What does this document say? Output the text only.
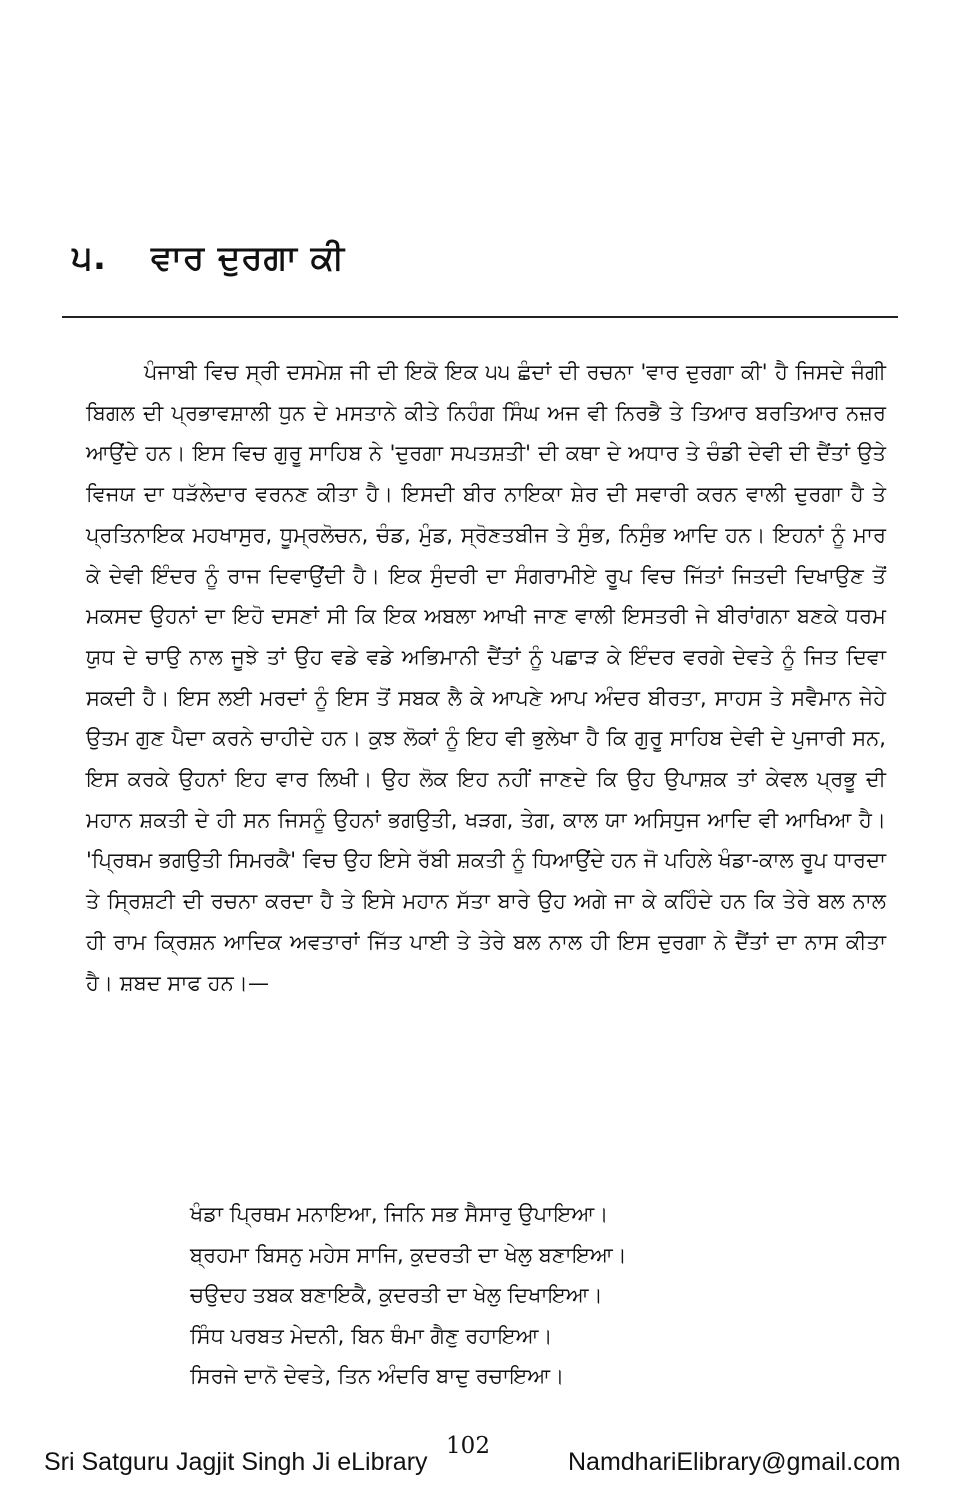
੫. ਵਾਰ ਦੁਰਗਾ ਕੀ

ਪੰਜਾਬੀ ਵਿਚ ਸ੍ਰੀ ਦਸਮੇਸ਼ ਜੀ ਦੀ ਇਕੋ ਇਕ ੫੫ ਛੰਦਾਂ ਦੀ ਰਚਨਾ 'ਵਾਰ ਦੁਰਗਾ ਕੀ' ਹੈ ਜਿਸਦੇ ਜੰਗੀ ਬਿਗਲ ਦੀ ਪ੍ਰਭਾਵਸ਼ਾਲੀ ਧੁਨ ਦੇ ਮਸਤਾਨੇ ਕੀਤੇ ਨਿਹੰਗ ਸਿੰਘ ਅਜ ਵੀ ਨਿਰਭੈ ਤੇ ਤਿਆਰ ਬਰਤਿਆਰ ਨਜ਼ਰ ਆਉਂਦੇ ਹਨ। ਇਸ ਵਿਚ ਗੁਰੂ ਸਾਹਿਬ ਨੇ 'ਦੁਰਗਾ ਸਪਤਸ਼ਤੀ' ਦੀ ਕਥਾ ਦੇ ਅਧਾਰ ਤੇ ਚੰਡੀ ਦੇਵੀ ਦੀ ਦੈਂਤਾਂ ਉਤੇ ਵਿਜਯ ਦਾ ਧੜੱਲੇਦਾਰ ਵਰਨਣ ਕੀਤਾ ਹੈ। ਇਸਦੀ ਬੀਰ ਨਾਇਕਾ ਸ਼ੇਰ ਦੀ ਸਵਾਰੀ ਕਰਨ ਵਾਲੀ ਦੁਰਗਾ ਹੈ ਤੇ ਪ੍ਰਤਿਨਾਇਕ ਮਹਖਾਸੁਰ, ਧੂਮ੍ਰਲੋਚਨ, ਚੰਡ, ਮੁੰਡ, ਸ੍ਰੋਣਤਬੀਜ ਤੇ ਸੁੰਭ, ਨਿਸੁੰਭ ਆਦਿ ਹਨ। ਇਹਨਾਂ ਨੂੰ ਮਾਰ ਕੇ ਦੇਵੀ ਇੰਦਰ ਨੂੰ ਰਾਜ ਦਿਵਾਉਂਦੀ ਹੈ। ਇਕ ਸੁੰਦਰੀ ਦਾ ਸੰਗਰਾਮੀਏ ਰੂਪ ਵਿਚ ਜਿੱਤਾਂ ਜਿਤਦੀ ਦਿਖਾਉਣ ਤੋਂ ਮਕਸਦ ਉਹਨਾਂ ਦਾ ਇਹੋ ਦਸਣਾਂ ਸੀ ਕਿ ਇਕ ਅਬਲਾ ਆਖੀ ਜਾਣ ਵਾਲੀ ਇਸਤਰੀ ਜੇ ਬੀਰਾਂਗਨਾ ਬਣਕੇ ਧਰਮ ਯੁਧ ਦੇ ਚਾਉ ਨਾਲ ਜੂਝੇ ਤਾਂ ਉਹ ਵਡੇ ਵਡੇ ਅਭਿਮਾਨੀ ਦੈਂਤਾਂ ਨੂੰ ਪਛਾੜ ਕੇ ਇੰਦਰ ਵਰਗੇ ਦੇਵਤੇ ਨੂੰ ਜਿਤ ਦਿਵਾ ਸਕਦੀ ਹੈ। ਇਸ ਲਈ ਮਰਦਾਂ ਨੂੰ ਇਸ ਤੋਂ ਸਬਕ ਲੈ ਕੇ ਆਪਣੇ ਆਪ ਅੰਦਰ ਬੀਰਤਾ, ਸਾਹਸ ਤੇ ਸਵੈਮਾਨ ਜੇਹੇ ਉਤਮ ਗੁਣ ਪੈਦਾ ਕਰਨੇ ਚਾਹੀਦੇ ਹਨ। ਕੁਝ ਲੋਕਾਂ ਨੂੰ ਇਹ ਵੀ ਭੁਲੇਖਾ ਹੈ ਕਿ ਗੁਰੂ ਸਾਹਿਬ ਦੇਵੀ ਦੇ ਪੁਜਾਰੀ ਸਨ, ਇਸ ਕਰਕੇ ਉਹਨਾਂ ਇਹ ਵਾਰ ਲਿਖੀ। ਉਹ ਲੋਕ ਇਹ ਨਹੀਂ ਜਾਣਦੇ ਕਿ ਉਹ ਉਪਾਸ਼ਕ ਤਾਂ ਕੇਵਲ ਪ੍ਰਭੂ ਦੀ ਮਹਾਨ ਸ਼ਕਤੀ ਦੇ ਹੀ ਸਨ ਜਿਸਨੂੰ ਉਹਨਾਂ ਭਗਉਤੀ, ਖੜਗ, ਤੇਗ, ਕਾਲ ਯਾ ਅਸਿਧੁਜ ਆਦਿ ਵੀ ਆਖਿਆ ਹੈ। 'ਪ੍ਰਿਥਮ ਭਗਉਤੀ ਸਿਮਰਕੈ' ਵਿਚ ਉਹ ਇਸੇ ਰੱਬੀ ਸ਼ਕਤੀ ਨੂੰ ਧਿਆਉਂਦੇ ਹਨ ਜੋ ਪਹਿਲੇ ਖੰਡਾ-ਕਾਲ ਰੂਪ ਧਾਰਦਾ ਤੇ ਸ੍ਰਿਸ਼ਟੀ ਦੀ ਰਚਨਾ ਕਰਦਾ ਹੈ ਤੇ ਇਸੇ ਮਹਾਨ ਸੱਤਾ ਬਾਰੇ ਉਹ ਅਗੇ ਜਾ ਕੇ ਕਹਿੰਦੇ ਹਨ ਕਿ ਤੇਰੇ ਬਲ ਨਾਲ ਹੀ ਰਾਮ ਕ੍ਰਿਸ਼ਨ ਆਦਿਕ ਅਵਤਾਰਾਂ ਜਿੱਤ ਪਾਈ ਤੇ ਤੇਰੇ ਬਲ ਨਾਲ ਹੀ ਇਸ ਦੁਰਗਾ ਨੇ ਦੈਂਤਾਂ ਦਾ ਨਾਸ ਕੀਤਾ ਹੈ। ਸ਼ਬਦ ਸਾਫ ਹਨ।—

ਖੰਡਾ ਪ੍ਰਿਥਮ ਮਨਾਇਆ, ਜਿਨਿ ਸਭ ਸੈਸਾਰੁ ਉਪਾਇਆ।
ਬ੍ਰਹਮਾ ਬਿਸਨੁ ਮਹੇਸ ਸਾਜਿ, ਕੁਦਰਤੀ ਦਾ ਖੇਲੁ ਬਣਾਇਆ।
ਚਉਦਹ ਤਬਕ ਬਣਾਇਕੈ, ਕੁਦਰਤੀ ਦਾ ਖੇਲੁ ਦਿਖਾਇਆ।
ਸਿੰਧ ਪਰਬਤ ਮੇਦਨੀ, ਬਿਨ ਥੰਮਾ ਗੈਣੁ ਰਹਾਇਆ।
ਸਿਰਜੇ ਦਾਨੋ ਦੇਵਤੇ, ਤਿਨ ਅੰਦਰਿ ਬਾਦੁ ਰਚਾਇਆ।
102
Sri Satguru Jagjit Singh Ji eLibrary	NamdhariElibrary@gmail.com
